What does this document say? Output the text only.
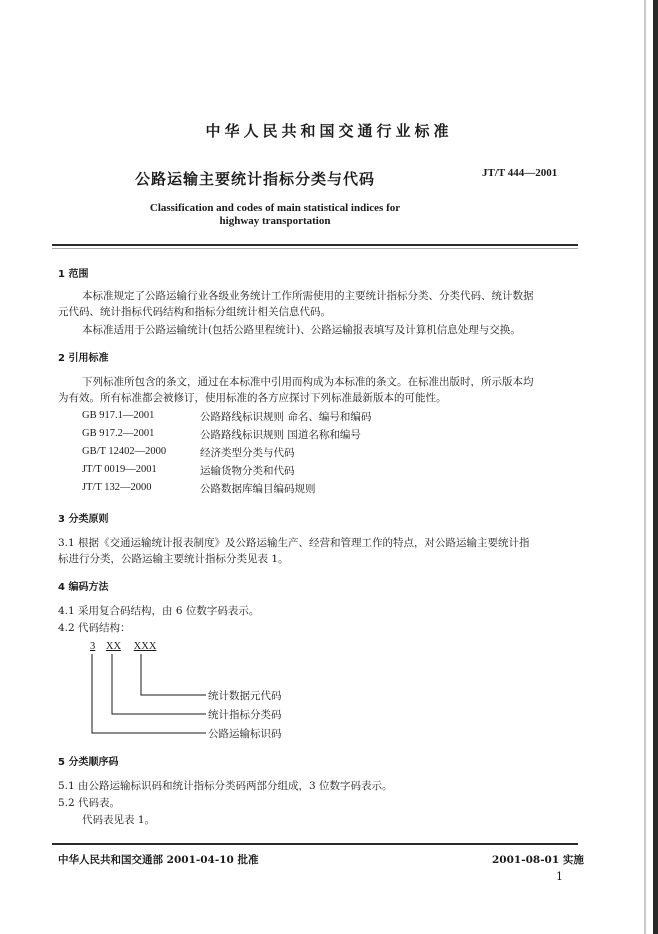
中华人民共和国交通行业标准
公路运输主要统计指标分类与代码	JT/T 444—2001
Classification and codes of main statistical indices for
highway transportation
1 范围
本标准规定了公路运输行业各级业务统计工作所需使用的主要统计指标分类、分类代码、统计数据
元代码、统计指标代码结构和指标分组统计相关信息代码。
本标准适用于公路运输统计(包括公路里程统计)、公路运输报表填写及计算机信息处理与交换。
2 引用标准
下列标准所包含的条文，通过在本标准中引用而构成为本标准的条文。在标准出版时，所示版本均
为有效。所有标准都会被修订，使用标准的各方应探讨下列标准最新版本的可能性。
GB 917.1—2001	公路路线标识规则 命名、编号和编码
GB 917.2—2001	公路路线标识规则 国道名称和编号
GB/T 12402—2000	经济类型分类与代码
JT/T 0019—2001	运输货物分类和代码
JT/T 132—2000	公路数据库编目编码规则
3 分类原则
3.1 根据《交通运输统计报表制度》及公路运输生产、经营和管理工作的特点，对公路运输主要统计指
标进行分类，公路运输主要统计指标分类见表 1。
4 编码方法
4.1 采用复合码结构，由 6 位数字码表示。
4.2 代码结构：
3 XX XXX
统计数据元代码
统计指标分类码
公路运输标识码
5 分类顺序码
5.1 由公路运输标识码和统计指标分类码两部分组成，3 位数字码表示。
5.2 代码表。
代码表见表 1。
中华人民共和国交通部 2001-04-10 批准	2001-08-01 实施
1
